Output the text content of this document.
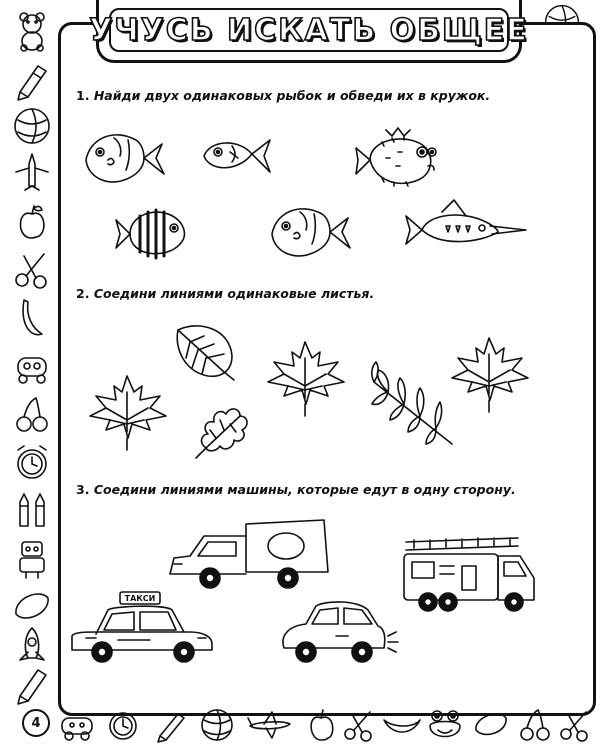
УЧУСЬ ИСКАТЬ ОБЩЕЕ
1. Найди двух одинаковых рыбок и обведи их в кружок.
2. Соедини линиями одинаковые листья.
3. Соедини линиями машины, которые едут в одну сторону.
ТАКСИ
4
